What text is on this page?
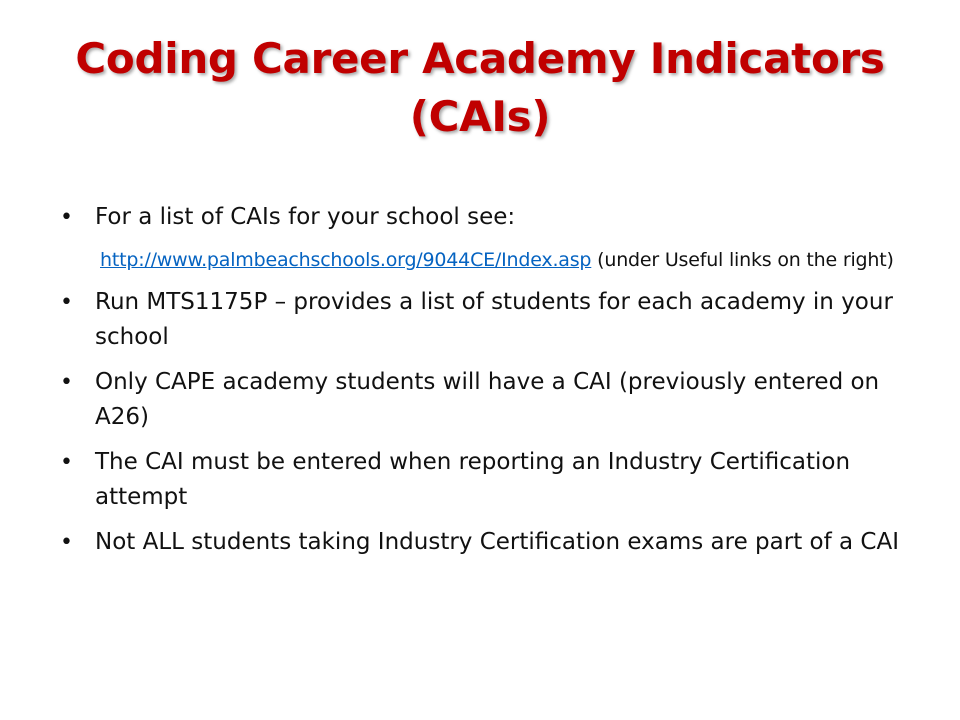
Coding Career Academy Indicators
(CAIs)
• For a list of CAIs for your school see:
http://www.palmbeachschools.org/9044CE/Index.asp (under Useful links on the right)
• Run MTS1175P – provides a list of students for each academy in your school
• Only CAPE academy students will have a CAI (previously entered on A26)
• The CAI must be entered when reporting an Industry Certification attempt
• Not ALL students taking Industry Certification exams are part of a CAI
